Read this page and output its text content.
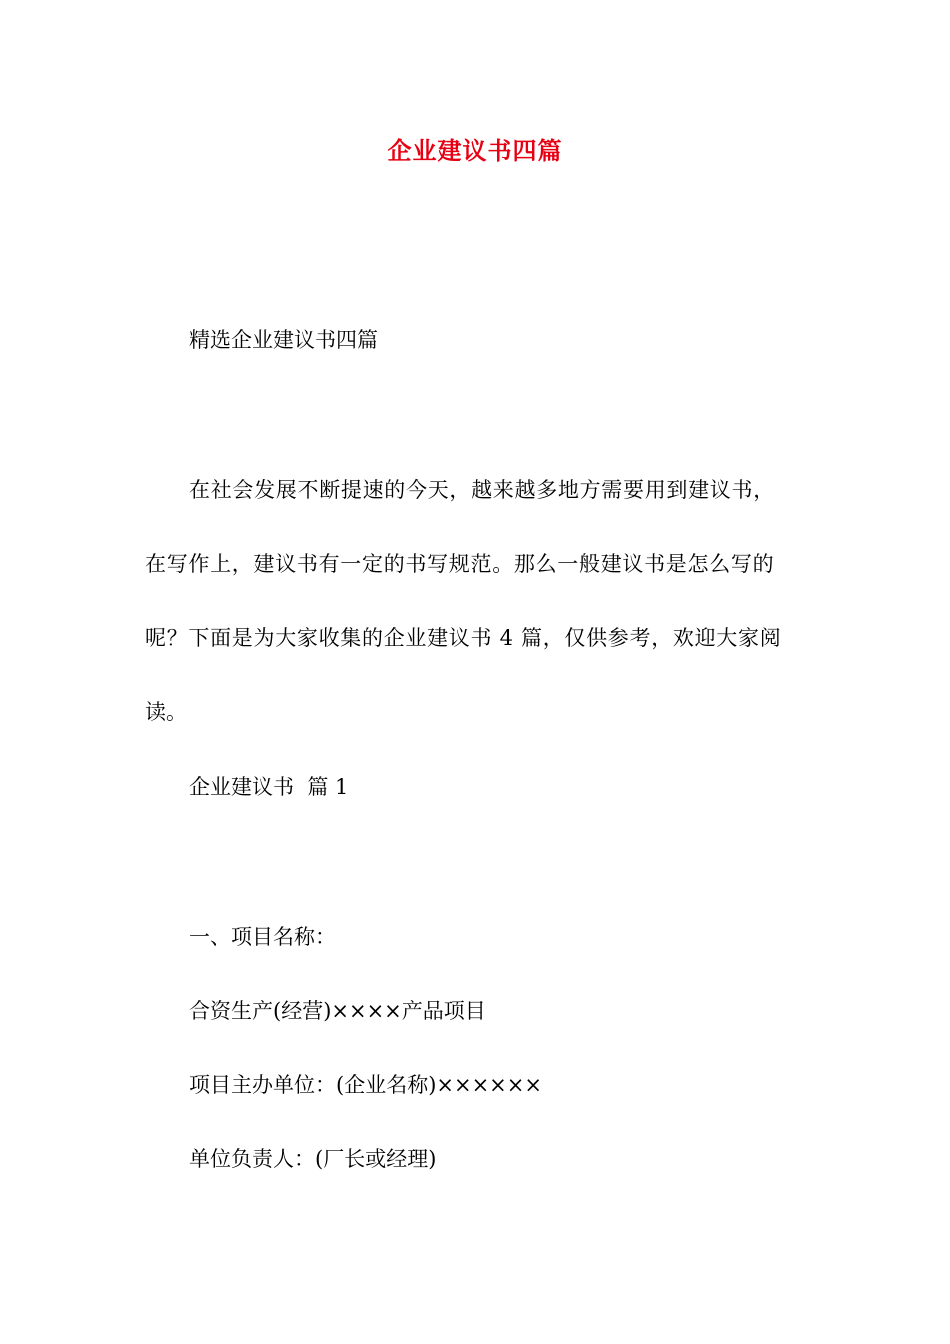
企业建议书四篇
精选企业建议书四篇
在社会发展不断提速的今天，越来越多地方需要用到建议书，
在写作上，建议书有一定的书写规范。那么一般建议书是怎么写的
呢？下面是为大家收集的企业建议书 4 篇，仅供参考，欢迎大家阅
读。
企业建议书  篇 1
一、项目名称：
合资生产(经营)××××产品项目
项目主办单位：(企业名称)××××××
单位负责人：(厂长或经理)
